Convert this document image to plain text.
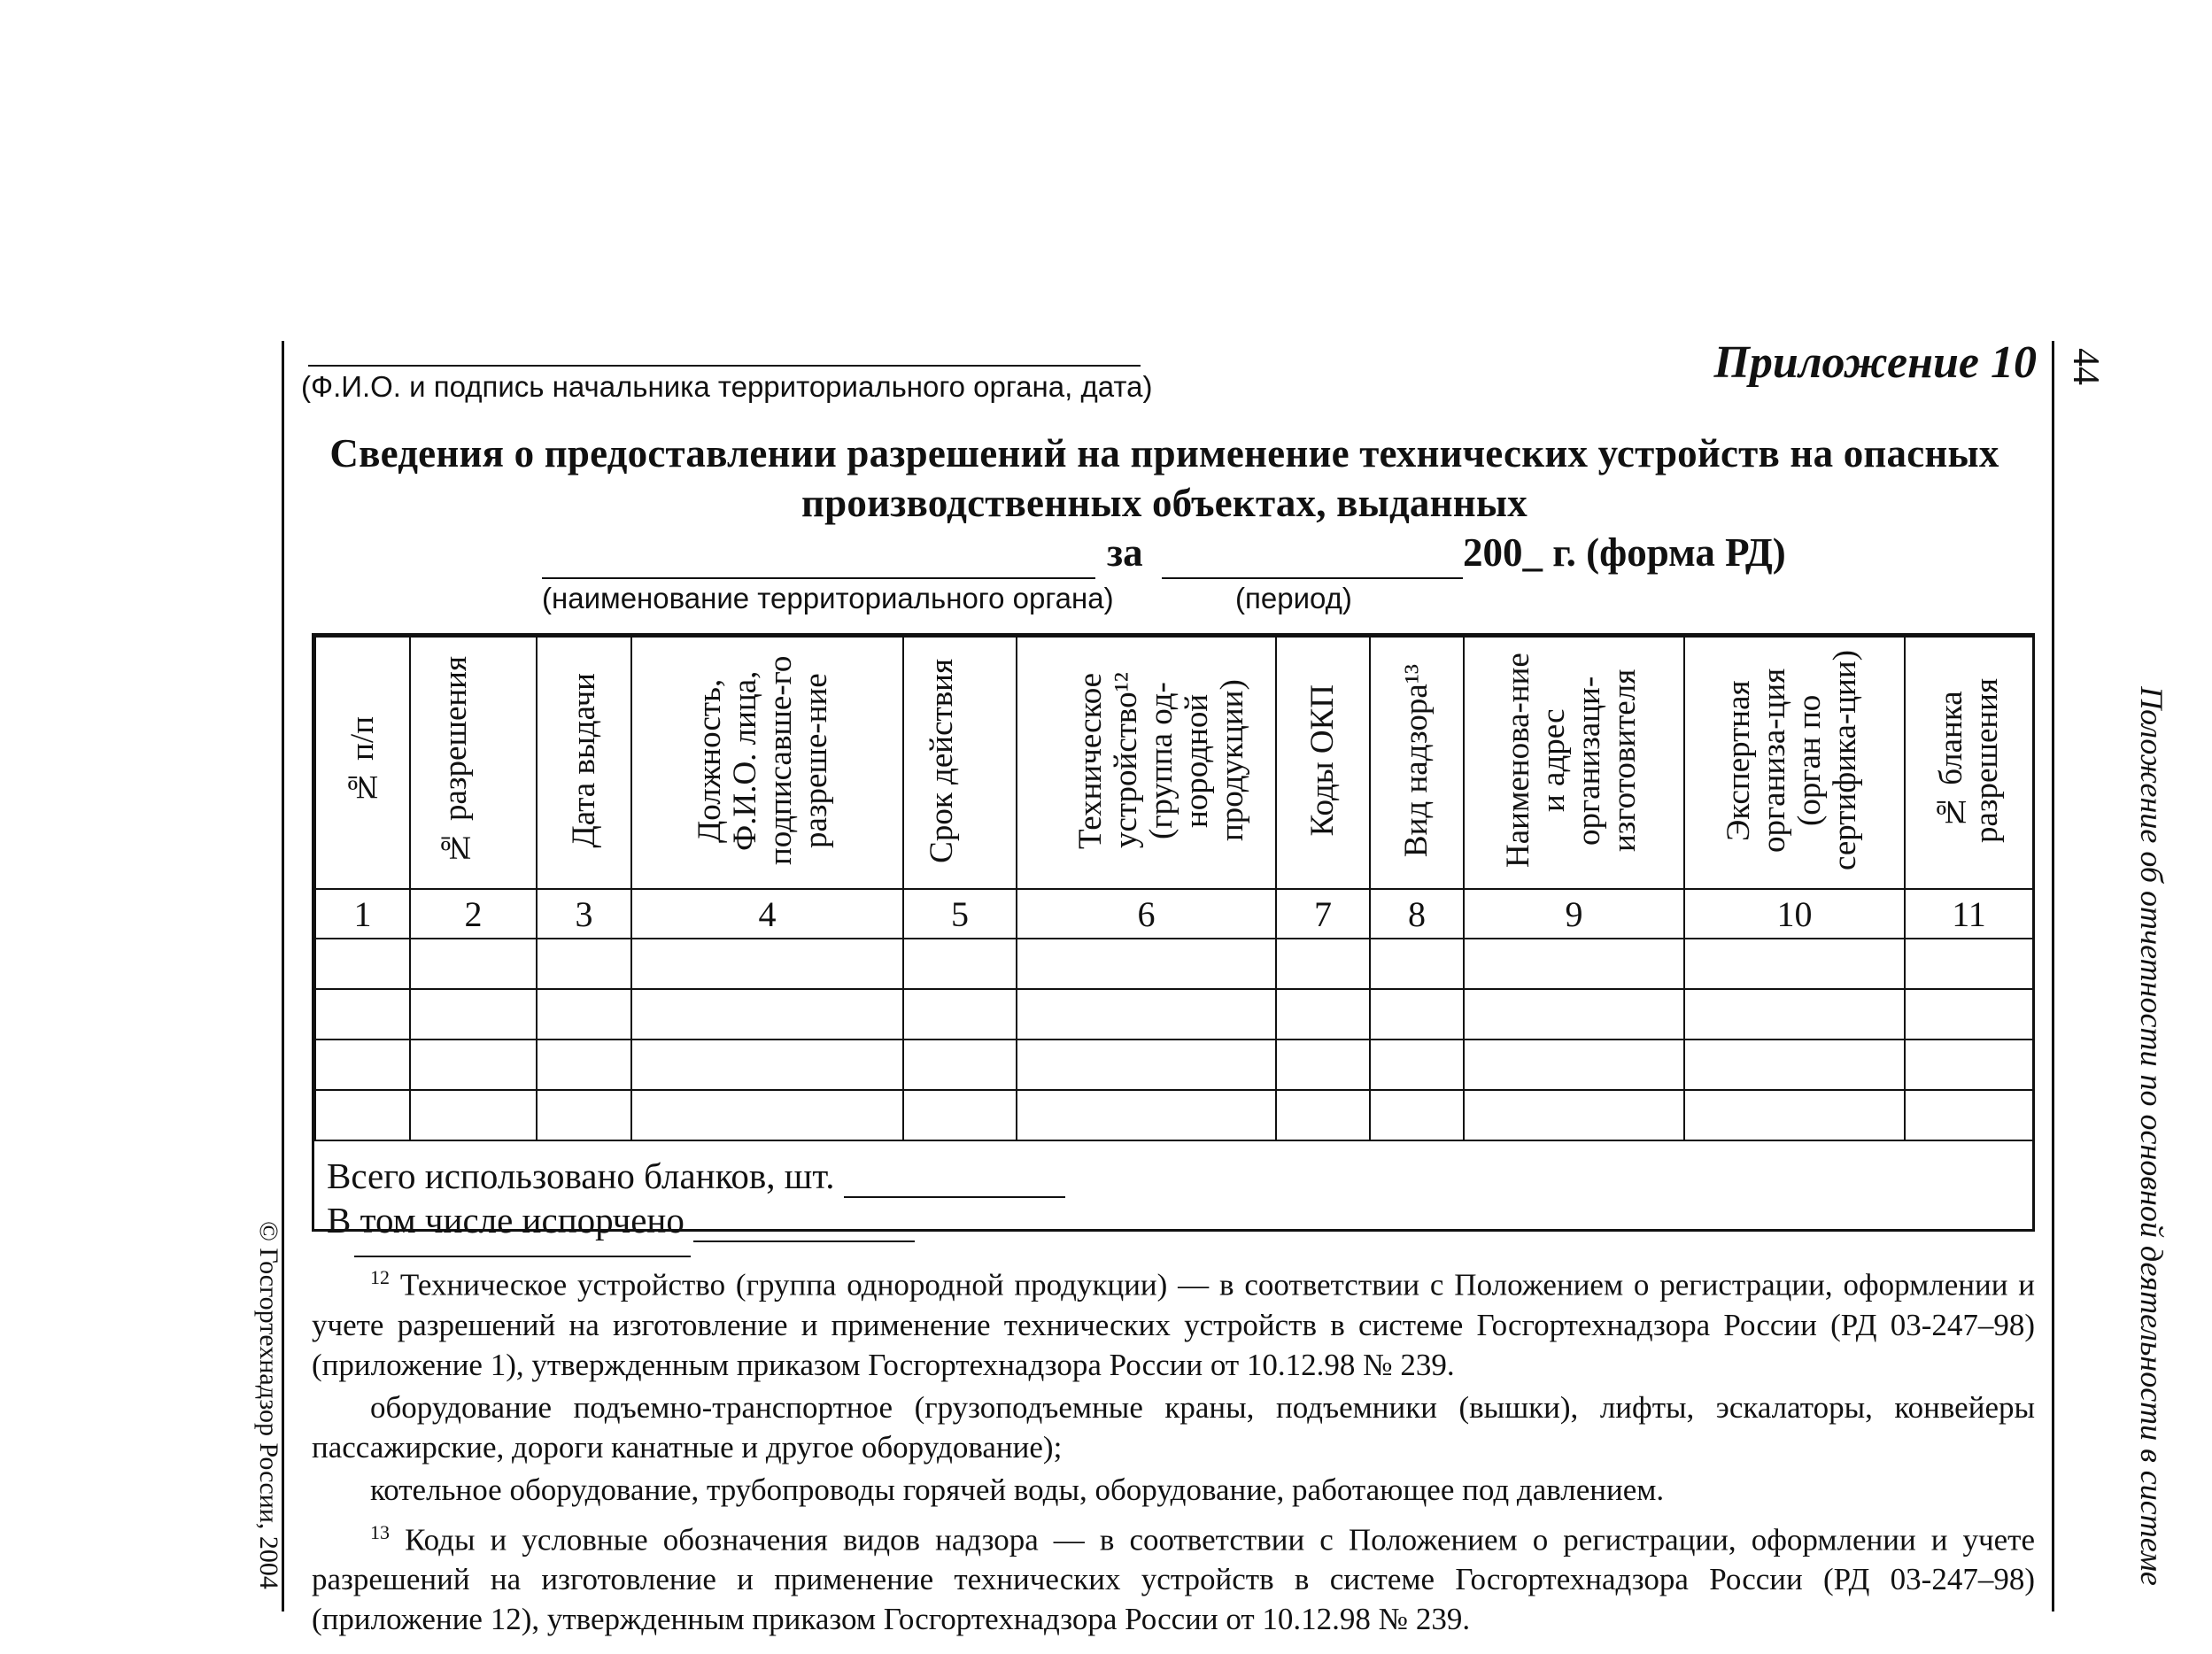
© Госгортехнадзор России, 2004
44
Положение об отчетности по основной деятельности в системе
(Ф.И.О. и подпись начальника территориального органа, дата)	Приложение 10
Сведения о предоставлении разрешений на применение технических устройств на опасных
производственных объектах, выданных
за	200_ г. (форма РД)
(наименование территориального органа)	(период)
№ п/п	№ разрешения	Дата выдачи	Должность, Ф.И.О. лица, подписавше-го разреше-ние	Срок действия	Техническое устройство¹² (группа од-нородной продукции)	Коды ОКП	Вид надзора¹³	Наименова-ние и адрес организаци-изготовителя	Экспертная организа-ция (орган по сертифика-ции)	№ бланка разрешения
1	2	3	4	5	6	7	8	9	10	11

Всего использовано бланков, шт.
В том числе испорчено

$^{12}$ Техническое устройство (группа однородной продукции) — в соответствии с Положением о регистрации, оформлении и учете разрешений на изготовление и применение технических устройств в системе Госгортехнадзора России (РД 03-247–98) (приложение 1), утвержденным приказом Госгортехнадзора России от 10.12.98 № 239.

оборудование подъемно-транспортное (грузоподъемные краны, подъемники (вышки), лифты, эскалаторы, конвейеры пассажирские, дороги канатные и другое оборудование);

котельное оборудование, трубопроводы горячей воды, оборудование, работающее под давлением.

$^{13}$ Коды и условные обозначения видов надзора — в соответствии с Положением о регистрации, оформлении и учете разрешений на изготовление и применение технических устройств в системе Госгортехнадзора России (РД 03-247–98) (приложение 12), утвержденным приказом Госгортехнадзора России от 10.12.98 № 239.
